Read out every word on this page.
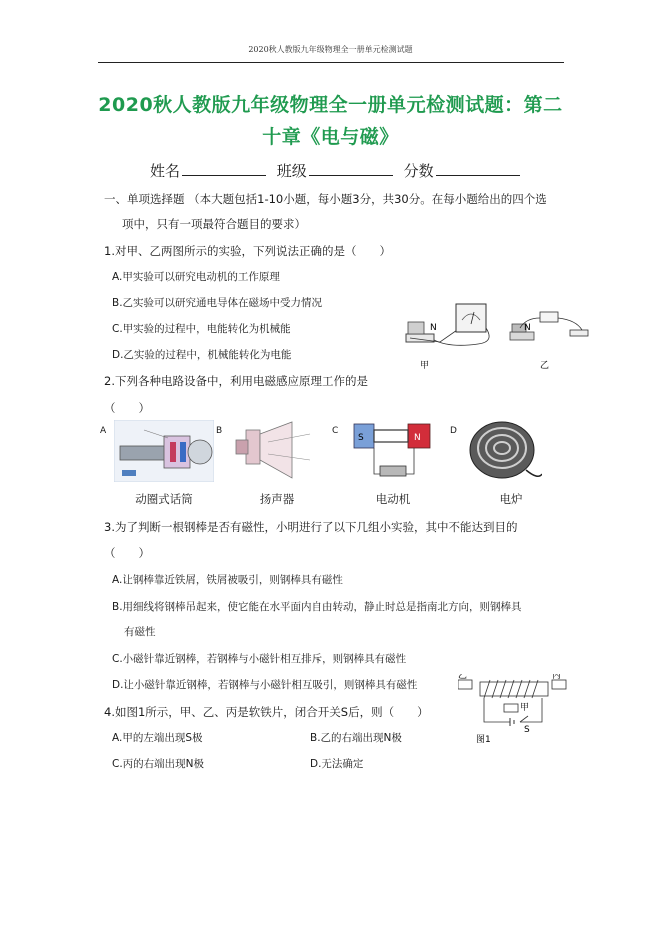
2020秋人教版九年级物理全一册单元检测试题
2020秋人教版九年级物理全一册单元检测试题：第二
十章《电与磁》
姓名	班级	分数
一、单项选择题 （本大题包括1-10小题，每小题3分，共30分。在每小题给出的四个选
项中，只有一项最符合题目的要求）
1.对甲、乙两图所示的实验，下列说法正确的是（　　）
A.甲实验可以研究电动机的工作原理
B.乙实验可以研究通电导体在磁场中受力情况
C.甲实验的过程中，电能转化为机械能
D.乙实验的过程中，机械能转化为电能
N
甲
N
乙
2.下列各种电路设备中，利用电磁感应原理工作的是
（　　）
A	B	C	D
S	N
动圈式话筒	扬声器	电动机	电炉
3.为了判断一根钢棒是否有磁性，小明进行了以下几组小实验，其中不能达到目的
（　　）
A.让钢棒靠近铁屑，铁屑被吸引，则钢棒具有磁性
B.用细线将钢棒吊起来，使它能在水平面内自由转动，静止时总是指南北方向，则钢棒具
有磁性
C.小磁针靠近钢棒，若钢棒与小磁针相互排斥，则钢棒具有磁性
D.让小磁针靠近钢棒，若钢棒与小磁针相互吸引，则钢棒具有磁性
乙	丙
甲
S
图1
4.如图1所示，甲、乙、丙是软铁片，闭合开关S后，则（　　）
A.甲的左端出现S极	B.乙的右端出现N极
C.丙的右端出现N极	D.无法确定
